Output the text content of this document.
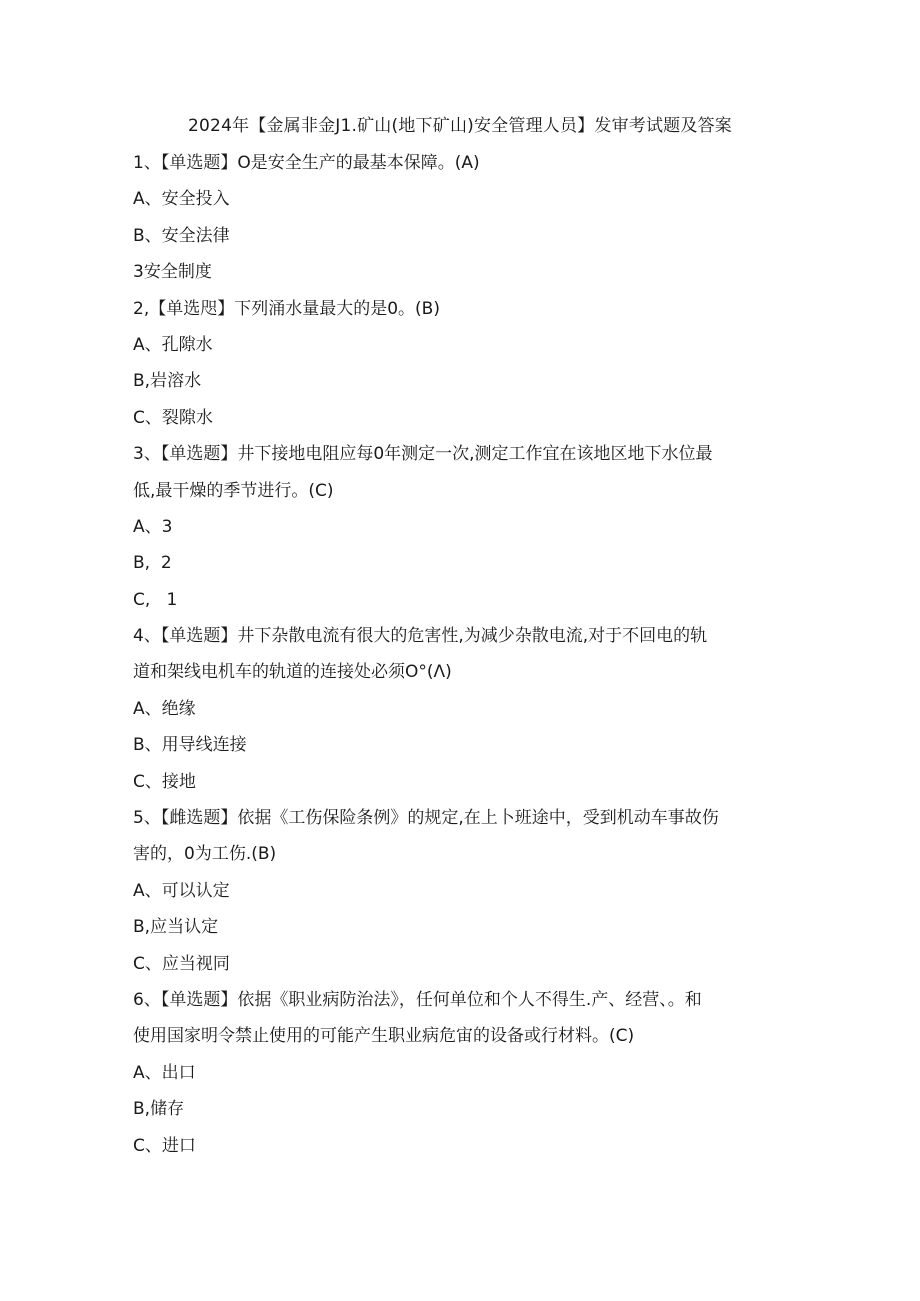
2024年【金属非金J1.矿山(地下矿山)安全管理人员】发审考试题及答案
1、【单选题】O是安全生产的最基本保障。(A)
A、安全投入
B、安全法律
3安全制度
2,【单选咫】下列涌水量最大的是0。(B)
A、孔隙水
B,岩溶水
C、裂隙水
3、【单选题】井下接地电阻应每0年测定一次,测定工作宜在该地区地下水位最
低,最干燥的季节进行。(C)
A、3
B,  2
C,   1
4、【单选题】井下杂散电流有很大的危害性,为减少杂散电流,对于不回电的轨
道和架线电机车的轨道的连接处必须O°(Λ)
A、绝缘
B、用导线连接
C、接地
5、【雌选题】依据《工伤保险条例》的规定,在上卜班途中，受到机动车事故伤
害的，0为工伤.(B)
A、可以认定
B,应当认定
C、应当视同
6、【单选题】依据《职业病防治法》，任何单位和个人不得生.产、经营、。和
使用国家明令禁止使用的可能产生职业病危宙的设备或行材料。(C)
A、出口
B,储存
C、进口
